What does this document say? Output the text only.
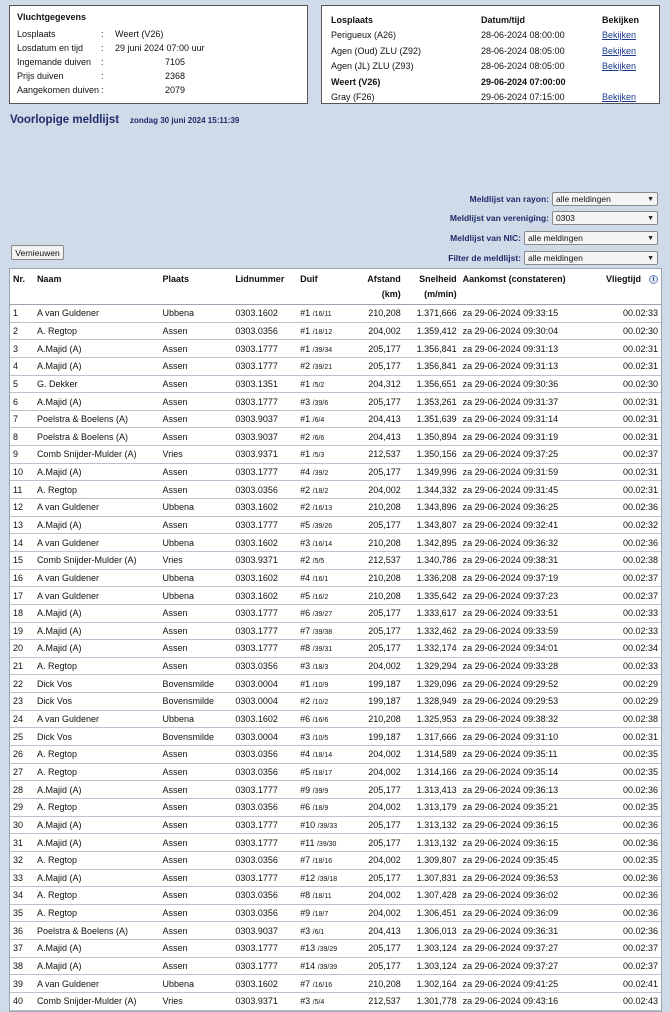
Vluchtgegevens
Losplaats	:	Weert (V26)
Losdatum en tijd	:	29 juni 2024 07:00 uur
Ingemande duiven	:	7105
Prijs duiven	:	2368
Aangekomen duiven :	2079
Losplaats	Datum/tijd	Bekijken
Perigueux (A26)	28-06-2024 08:00:00	Bekijken
Agen (Oud) ZLU (Z92)	28-06-2024 08:05:00	Bekijken
Agen (JL) ZLU (Z93)	28-06-2024 08:05:00	Bekijken
Weert (V26)	29-06-2024 07:00:00
Gray (F26)	29-06-2024 07:15:00	Bekijken
Voorlopige meldlijst zondag 30 juni 2024 15:11:39
Meldlijst van rayon: alle meldingen	▼
Meldlijst van vereniging: 0303	▼
Meldlijst van NIC: alle meldingen	▼
Filter de meldlijst: alle meldingen	▼
Vernieuwen
Nr.	Naam	Plaats	Lidnummer	Duif	Afstand
(km)
Snelheid
(m/min)
Aankomst (constateren)	Vliegtijd i
1	A van Guldener	Ubbena	0303.1602	#1 /16/11	210,208	1.371,666 za 29-06-2024 09:33:15	00.02:33
2	A. Regtop	Assen	0303.0356	#1 /18/12	204,002	1.359,412 za 29-06-2024 09:30:04	00.02:30
3	A.Majid (A)	Assen	0303.1777	#1 /39/34	205,177	1.356,841 za 29-06-2024 09:31:13	00.02:31
4	A.Majid (A)	Assen	0303.1777	#2 /39/21	205,177	1.356,841 za 29-06-2024 09:31:13	00.02:31
5	G. Dekker	Assen	0303.1351	#1 /5/2	204,312	1.356,651 za 29-06-2024 09:30:36	00.02:30
6	A.Majid (A)	Assen	0303.1777	#3 /39/6	205,177	1.353,261 za 29-06-2024 09:31:37	00.02:31
7	Poelstra & Boelens (A)	Assen	0303.9037	#1 /6/4	204,413	1.351,639 za 29-06-2024 09:31:14	00.02:31
8	Poelstra & Boelens (A)	Assen	0303.9037	#2 /6/6	204,413	1.350,894 za 29-06-2024 09:31:19	00.02:31
9	Comb Snijder-Mulder (A)	Vries	0303.9371	#1 /5/3	212,537	1.350,156 za 29-06-2024 09:37:25	00.02:37
10	A.Majid (A)	Assen	0303.1777	#4 /39/2	205,177	1.349,996 za 29-06-2024 09:31:59	00.02:31
11	A. Regtop	Assen	0303.0356	#2 /18/2	204,002	1.344,332 za 29-06-2024 09:31:45	00.02:31
12	A van Guldener	Ubbena	0303.1602	#2 /16/13	210,208	1.343,896 za 29-06-2024 09:36:25	00.02:36
13	A.Majid (A)	Assen	0303.1777	#5 /39/26	205,177	1.343,807 za 29-06-2024 09:32:41	00.02:32
14	A van Guldener	Ubbena	0303.1602	#3 /16/14	210,208	1.342,895 za 29-06-2024 09:36:32	00.02:36
15	Comb Snijder-Mulder (A)	Vries	0303.9371	#2 /5/5	212,537	1.340,786 za 29-06-2024 09:38:31	00.02:38
16	A van Guldener	Ubbena	0303.1602	#4 /16/1	210,208	1.336,208 za 29-06-2024 09:37:19	00.02:37
17	A van Guldener	Ubbena	0303.1602	#5 /16/2	210,208	1.335,642 za 29-06-2024 09:37:23	00.02:37
18	A.Majid (A)	Assen	0303.1777	#6 /39/27	205,177	1.333,617 za 29-06-2024 09:33:51	00.02:33
19	A.Majid (A)	Assen	0303.1777	#7 /39/38	205,177	1.332,462 za 29-06-2024 09:33:59	00.02:33
20	A.Majid (A)	Assen	0303.1777	#8 /39/31	205,177	1.332,174 za 29-06-2024 09:34:01	00.02:34
21	A. Regtop	Assen	0303.0356	#3 /18/3	204,002	1.329,294 za 29-06-2024 09:33:28	00.02:33
22	Dick Vos	Bovensmilde	0303.0004	#1 /10/9	199,187	1.329,096 za 29-06-2024 09:29:52	00.02:29
23	Dick Vos	Bovensmilde	0303.0004	#2 /10/2	199,187	1.328,949 za 29-06-2024 09:29:53	00.02:29
24	A van Guldener	Ubbena	0303.1602	#6 /16/6	210,208	1.325,953 za 29-06-2024 09:38:32	00.02:38
25	Dick Vos	Bovensmilde	0303.0004	#3 /10/5	199,187	1.317,666 za 29-06-2024 09:31:10	00.02:31
26	A. Regtop	Assen	0303.0356	#4 /18/14	204,002	1.314,589 za 29-06-2024 09:35:11	00.02:35
27	A. Regtop	Assen	0303.0356	#5 /18/17	204,002	1.314,166 za 29-06-2024 09:35:14	00.02:35
28	A.Majid (A)	Assen	0303.1777	#9 /39/9	205,177	1.313,413 za 29-06-2024 09:36:13	00.02:36
29	A. Regtop	Assen	0303.0356	#6 /18/9	204,002	1.313,179 za 29-06-2024 09:35:21	00.02:35
30	A.Majid (A)	Assen	0303.1777	#10 /39/33	205,177	1.313,132 za 29-06-2024 09:36:15	00.02:36
31	A.Majid (A)	Assen	0303.1777	#11 /39/30	205,177	1.313,132 za 29-06-2024 09:36:15	00.02:36
32	A. Regtop	Assen	0303.0356	#7 /18/16	204,002	1.309,807 za 29-06-2024 09:35:45	00.02:35
33	A.Majid (A)	Assen	0303.1777	#12 /39/18	205,177	1.307,831 za 29-06-2024 09:36:53	00.02:36
34	A. Regtop	Assen	0303.0356	#8 /18/11	204,002	1.307,428 za 29-06-2024 09:36:02	00.02:36
35	A. Regtop	Assen	0303.0356	#9 /18/7	204,002	1.306,451 za 29-06-2024 09:36:09	00.02:36
36	Poelstra & Boelens (A)	Assen	0303.9037	#3 /6/1	204,413	1.306,013 za 29-06-2024 09:36:31	00.02:36
37	A.Majid (A)	Assen	0303.1777	#13 /39/29	205,177	1.303,124 za 29-06-2024 09:37:27	00.02:37
38	A.Majid (A)	Assen	0303.1777	#14 /39/39	205,177	1.303,124 za 29-06-2024 09:37:27	00.02:37
39	A van Guldener	Ubbena	0303.1602	#7 /16/16	210,208	1.302,164 za 29-06-2024 09:41:25	00.02:41
40	Comb Snijder-Mulder (A)	Vries	0303.9371	#3 /5/4	212,537	1.301,778 za 29-06-2024 09:43:16	00.02:43
